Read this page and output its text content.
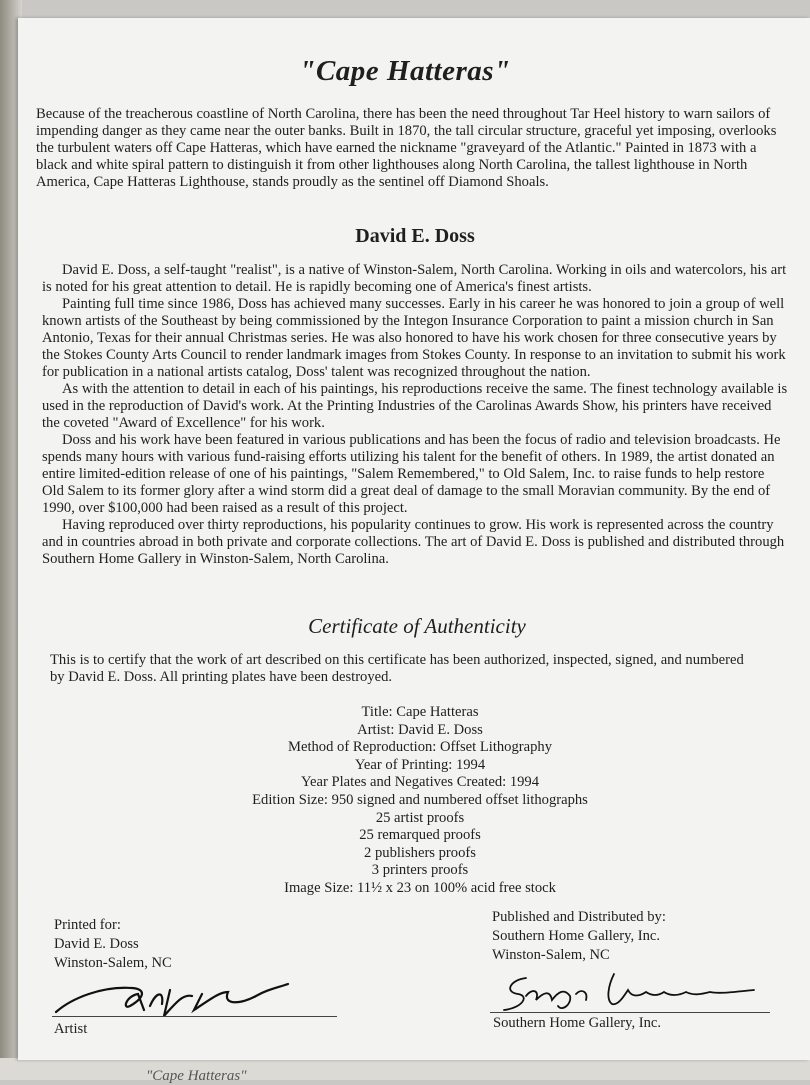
"Cape Hatteras"
"Cape Hatteras"

Because of the treacherous coastline of North Carolina, there has been the need throughout Tar Heel history to warn sailors of impending danger as they came near the outer banks. Built in 1870, the tall circular structure, graceful yet imposing, overlooks the turbulent waters off Cape Hatteras, which have earned the nickname "graveyard of the Atlantic." Painted in 1873 with a black and white spiral pattern to distinguish it from other lighthouses along North Carolina, the tallest lighthouse in North America, Cape Hatteras Lighthouse, stands proudly as the sentinel off Diamond Shoals.

David E. Doss

David E. Doss, a self-taught "realist", is a native of Winston-Salem, North Carolina. Working in oils and watercolors, his art is noted for his great attention to detail. He is rapidly becoming one of America's finest artists.

Painting full time since 1986, Doss has achieved many successes. Early in his career he was honored to join a group of well known artists of the Southeast by being commissioned by the Integon Insurance Corporation to paint a mission church in San Antonio, Texas for their annual Christmas series. He was also honored to have his work chosen for three consecutive years by the Stokes County Arts Council to render landmark images from Stokes County. In response to an invitation to submit his work for publication in a national artists catalog, Doss' talent was recognized throughout the nation.

As with the attention to detail in each of his paintings, his reproductions receive the same. The finest technology available is used in the reproduction of David's work. At the Printing Industries of the Carolinas Awards Show, his printers have received the coveted "Award of Excellence" for his work.

Doss and his work have been featured in various publications and has been the focus of radio and television broadcasts. He spends many hours with various fund-raising efforts utilizing his talent for the benefit of others. In 1989, the artist donated an entire limited-edition release of one of his paintings, "Salem Remembered," to Old Salem, Inc. to raise funds to help restore Old Salem to its former glory after a wind storm did a great deal of damage to the small Moravian community. By the end of 1990, over $100,000 had been raised as a result of this project.

Having reproduced over thirty reproductions, his popularity continues to grow. His work is represented across the country and in countries abroad in both private and corporate collections. The art of David E. Doss is published and distributed through Southern Home Gallery in Winston-Salem, North Carolina.

Certificate of Authenticity

This is to certify that the work of art described on this certificate has been authorized, inspected, signed, and numbered by David E. Doss. All printing plates have been destroyed.

Title: Cape Hatteras
Artist: David E. Doss
Method of Reproduction: Offset Lithography
Year of Printing: 1994
Year Plates and Negatives Created: 1994
Edition Size: 950 signed and numbered offset lithographs
25 artist proofs
25 remarqued proofs
2 publishers proofs
3 printers proofs
Image Size: 11½ x 23 on 100% acid free stock
Printed for:
David E. Doss
Winston-Salem, NC
Published and Distributed by:
Southern Home Gallery, Inc.
Winston-Salem, NC
Artist	Southern Home Gallery, Inc.
